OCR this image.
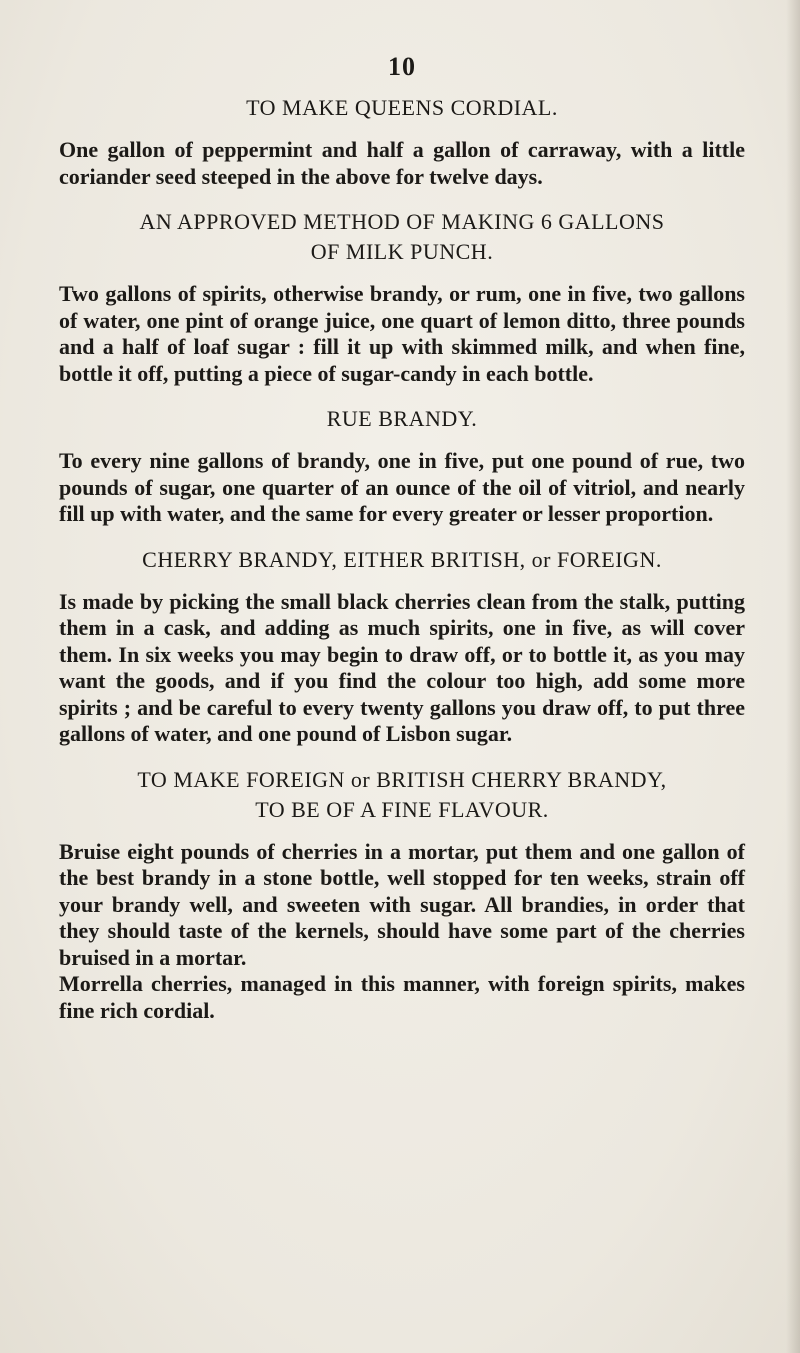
10
TO MAKE QUEENS CORDIAL.

One gallon of peppermint and half a gallon of carraway, with a little coriander seed steeped in the above for twelve days.

AN APPROVED METHOD OF MAKING 6 GALLONS
OF MILK PUNCH.

Two gallons of spirits, otherwise brandy, or rum, one in five, two gallons of water, one pint of orange juice, one quart of lemon ditto, three pounds and a half of loaf sugar : fill it up with skimmed milk, and when fine, bottle it off, putting a piece of sugar-candy in each bottle.

RUE BRANDY.

To every nine gallons of brandy, one in five, put one pound of rue, two pounds of sugar, one quarter of an ounce of the oil of vitriol, and nearly fill up with water, and the same for every greater or lesser proportion.

CHERRY BRANDY, EITHER BRITISH, or FOREIGN.

Is made by picking the small black cherries clean from the stalk, putting them in a cask, and adding as much spirits, one in five, as will cover them. In six weeks you may begin to draw off, or to bottle it, as you may want the goods, and if you find the colour too high, add some more spirits ; and be careful to every twenty gallons you draw off, to put three gallons of water, and one pound of Lisbon sugar.

TO MAKE FOREIGN or BRITISH CHERRY BRANDY,
TO BE OF A FINE FLAVOUR.

Bruise eight pounds of cherries in a mortar, put them and one gallon of the best brandy in a stone bottle, well stopped for ten weeks, strain off your brandy well, and sweeten with sugar. All brandies, in order that they should taste of the kernels, should have some part of the cherries bruised in a mortar.

Morrella cherries, managed in this manner, with foreign spirits, makes fine rich cordial.
